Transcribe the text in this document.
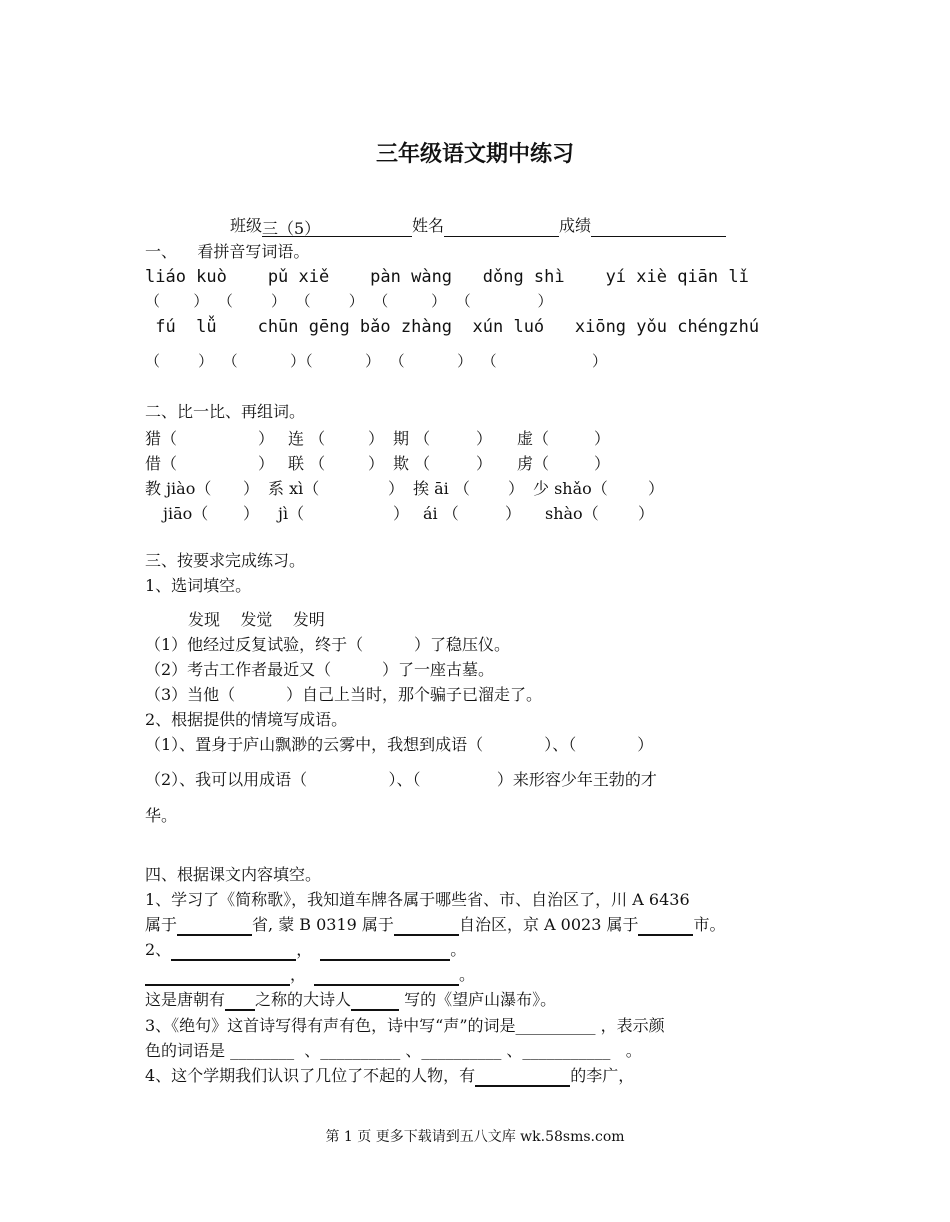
三年级语文期中练习
班级三（5）	姓名	成绩
一、    看拼音写词语。
liáo kuò    pǔ xiě    pàn wàng   dǒng shì    yí xiè qiān lǐ
（       ）  （        ）  （        ）  （         ）  （              ）
fú  lǚ    chūn gēng bǎo zhàng  xún luó   xiōng yǒu chéngzhú
（        ）  （           ）（           ）  （           ）  （                    ）
二、比一比、再组词。
猎（	） 连 （	） 期 （	） 虚（	）
借（	） 联 （	） 欺 （	） 虏（	）
教 jiào（ ） 系 xì（	） 挨 āi （ ） 少 shǎo（	）
jiāo（ ） jì（	） ái （	） shào（ ）
三、按要求完成练习。
1、选词填空。
发现    发觉    发明
（1）他经过反复试验，终于（          ）了稳压仪。
（2）考古工作者最近又（          ）了一座古墓。
（3）当他（          ）自己上当时，那个骗子已溜走了。
2、根据提供的情境写成语。
（1）、置身于庐山飘渺的云雾中，我想到成语（            ）、（            ）
（2）、我可以用成语（                ）、（               ）来形容少年王勃的才
华。
四、根据课文内容填空。
1、学习了《简称歌》，我知道车牌各属于哪些省、市、自治区了，川 A 6436
属于	省, 蒙 B 0319 属于	自治区，京 A 0023 属于	市。
2、	，	。
，	。
这是唐朝有 之称的大诗人	写的《望庐山瀑布》。
3、《绝句》这首诗写得有声有色，诗中写“声”的词是__________ ，表示颜
色的词语是 ________  、__________ 、__________ 、___________   。
4、这个学期我们认识了几位了不起的人物，有	的李广，
第 1 页 更多下载请到五八文库 wk.58sms.com
